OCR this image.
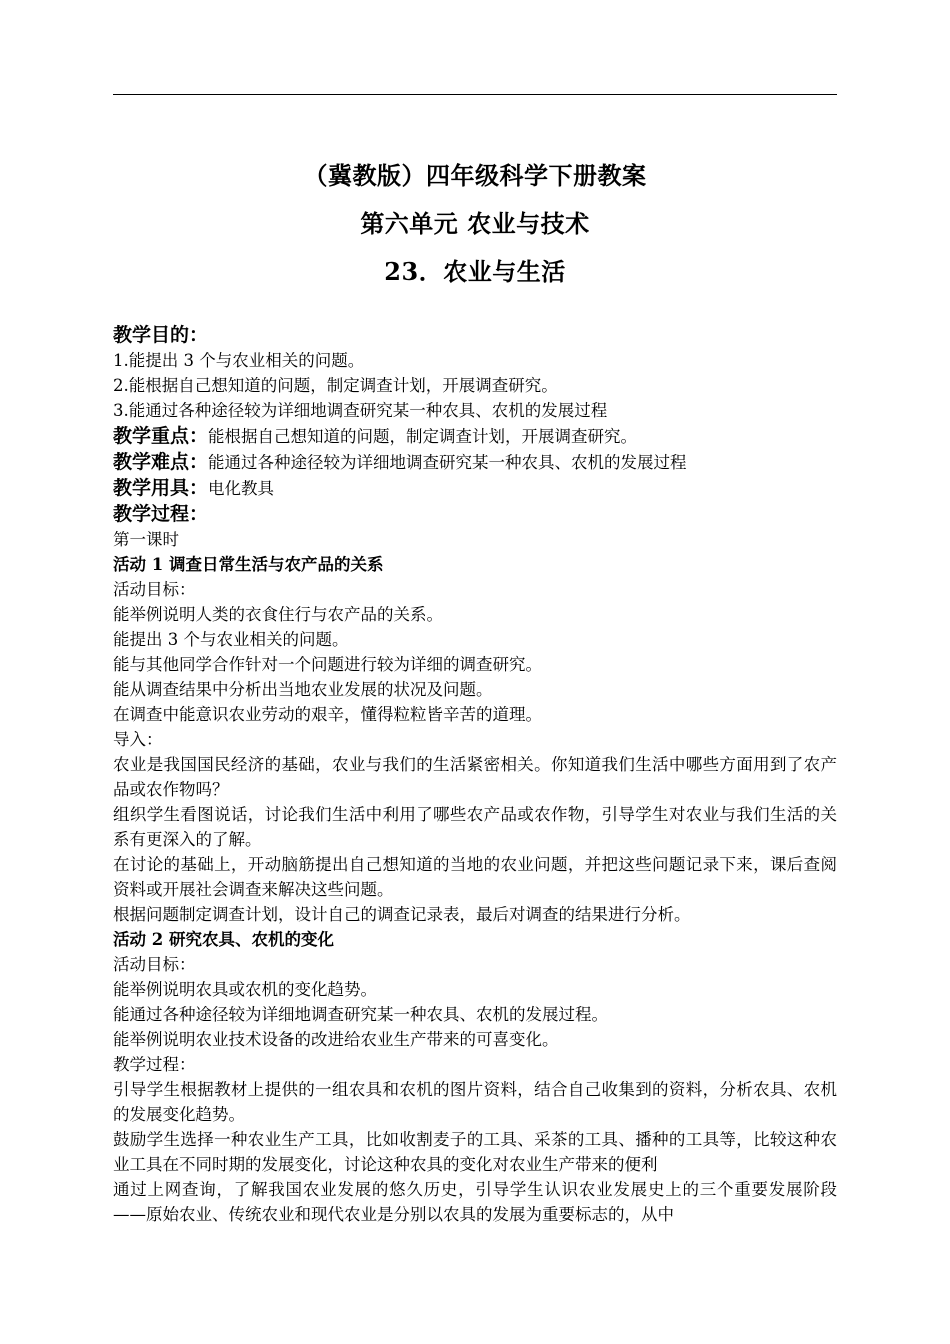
（冀教版）四年级科学下册教案
第六单元 农业与技术
23．农业与生活
教学目的：
1.能提出 3 个与农业相关的问题。
2.能根据自己想知道的问题，制定调查计划，开展调查研究。
3.能通过各种途径较为详细地调查研究某一种农具、农机的发展过程
教学重点：能根据自己想知道的问题，制定调查计划，开展调查研究。
教学难点：能通过各种途径较为详细地调查研究某一种农具、农机的发展过程
教学用具：电化教具
教学过程：
第一课时
活动 1 调查日常生活与农产品的关系
活动目标：
能举例说明人类的衣食住行与农产品的关系。
能提出 3 个与农业相关的问题。
能与其他同学合作针对一个问题进行较为详细的调查研究。
能从调查结果中分析出当地农业发展的状况及问题。
在调查中能意识农业劳动的艰辛，懂得粒粒皆辛苦的道理。
导入：
农业是我国国民经济的基础，农业与我们的生活紧密相关。你知道我们生活中哪些方面用到了农产品或农作物吗？
组织学生看图说话，讨论我们生活中利用了哪些农产品或农作物，引导学生对农业与我们生活的关系有更深入的了解。
在讨论的基础上，开动脑筋提出自己想知道的当地的农业问题，并把这些问题记录下来，课后查阅资料或开展社会调查来解决这些问题。
根据问题制定调查计划，设计自己的调查记录表，最后对调查的结果进行分析。
活动 2 研究农具、农机的变化
活动目标：
能举例说明农具或农机的变化趋势。
能通过各种途径较为详细地调查研究某一种农具、农机的发展过程。
能举例说明农业技术设备的改进给农业生产带来的可喜变化。
教学过程：
引导学生根据教材上提供的一组农具和农机的图片资料，结合自己收集到的资料，分析农具、农机的发展变化趋势。
鼓励学生选择一种农业生产工具，比如收割麦子的工具、采茶的工具、播种的工具等，比较这种农业工具在不同时期的发展变化，讨论这种农具的变化对农业生产带来的便利
通过上网查询，了解我国农业发展的悠久历史，引导学生认识农业发展史上的三个重要发展阶段——原始农业、传统农业和现代农业是分别以农具的发展为重要标志的，从中
